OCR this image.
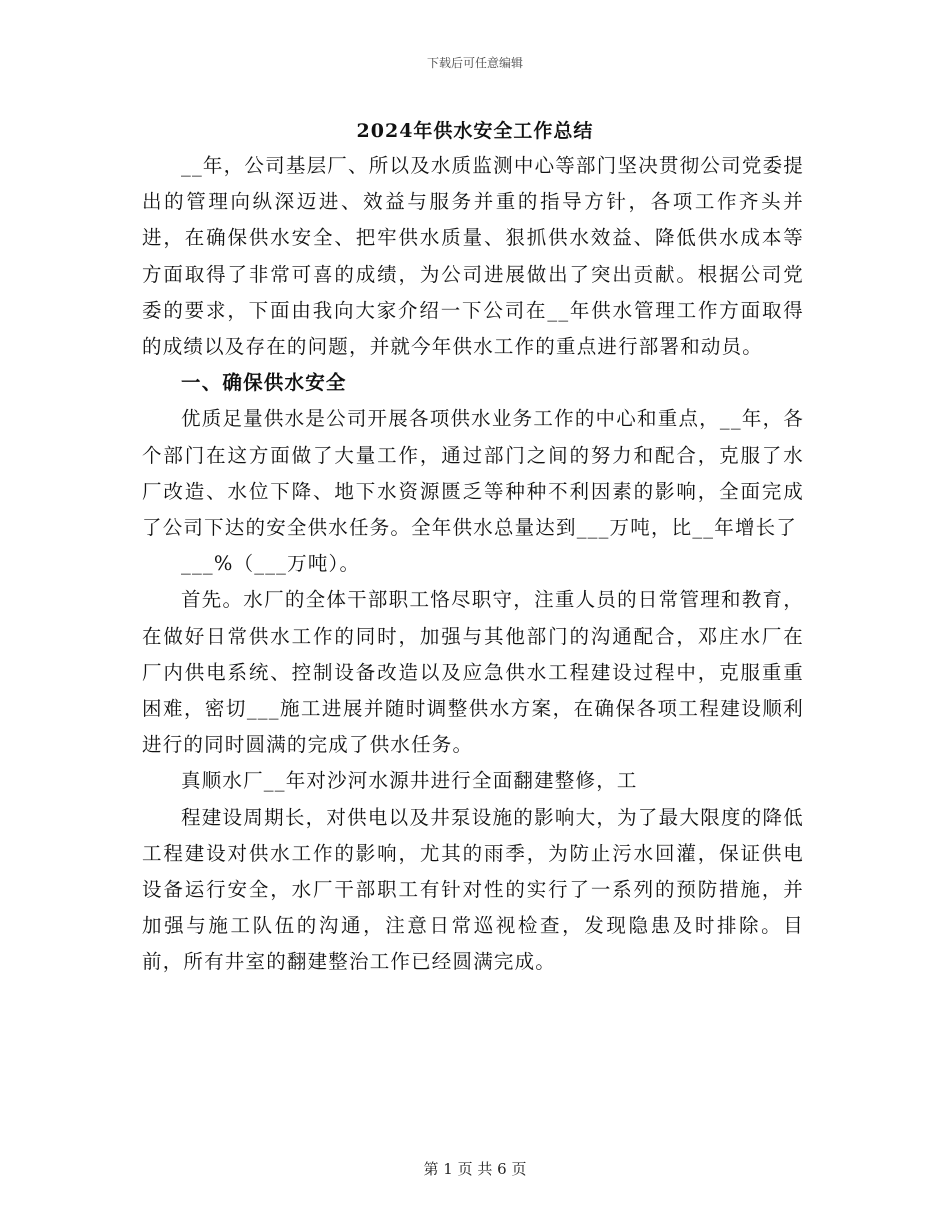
下载后可任意编辑
2024年供水安全工作总结

__年，公司基层厂、所以及水质监测中心等部门坚决贯彻公司党委提出的管理向纵深迈进、效益与服务并重的指导方针，各项工作齐头并进，在确保供水安全、把牢供水质量、狠抓供水效益、降低供水成本等方面取得了非常可喜的成绩，为公司进展做出了突出贡献。根据公司党委的要求，下面由我向大家介绍一下公司在__年供水管理工作方面取得的成绩以及存在的问题，并就今年供水工作的重点进行部署和动员。

一、确保供水安全

优质足量供水是公司开展各项供水业务工作的中心和重点，__年，各个部门在这方面做了大量工作，通过部门之间的努力和配合，克服了水厂改造、水位下降、地下水资源匮乏等种种不利因素的影响，全面完成了公司下达的安全供水任务。全年供水总量达到___万吨，比__年增长了

___%（___万吨）。

首先。水厂的全体干部职工恪尽职守，注重人员的日常管理和教育，在做好日常供水工作的同时，加强与其他部门的沟通配合，邓庄水厂在厂内供电系统、控制设备改造以及应急供水工程建设过程中，克服重重困难，密切___施工进展并随时调整供水方案，在确保各项工程建设顺利进行的同时圆满的完成了供水任务。

真顺水厂__年对沙河水源井进行全面翻建整修，工

程建设周期长，对供电以及井泵设施的影响大，为了最大限度的降低工程建设对供水工作的影响，尤其的雨季，为防止污水回灌，保证供电设备运行安全，水厂干部职工有针对性的实行了一系列的预防措施，并加强与施工队伍的沟通，注意日常巡视检查，发现隐患及时排除。目前，所有井室的翻建整治工作已经圆满完成。

第 1 页 共 6 页
